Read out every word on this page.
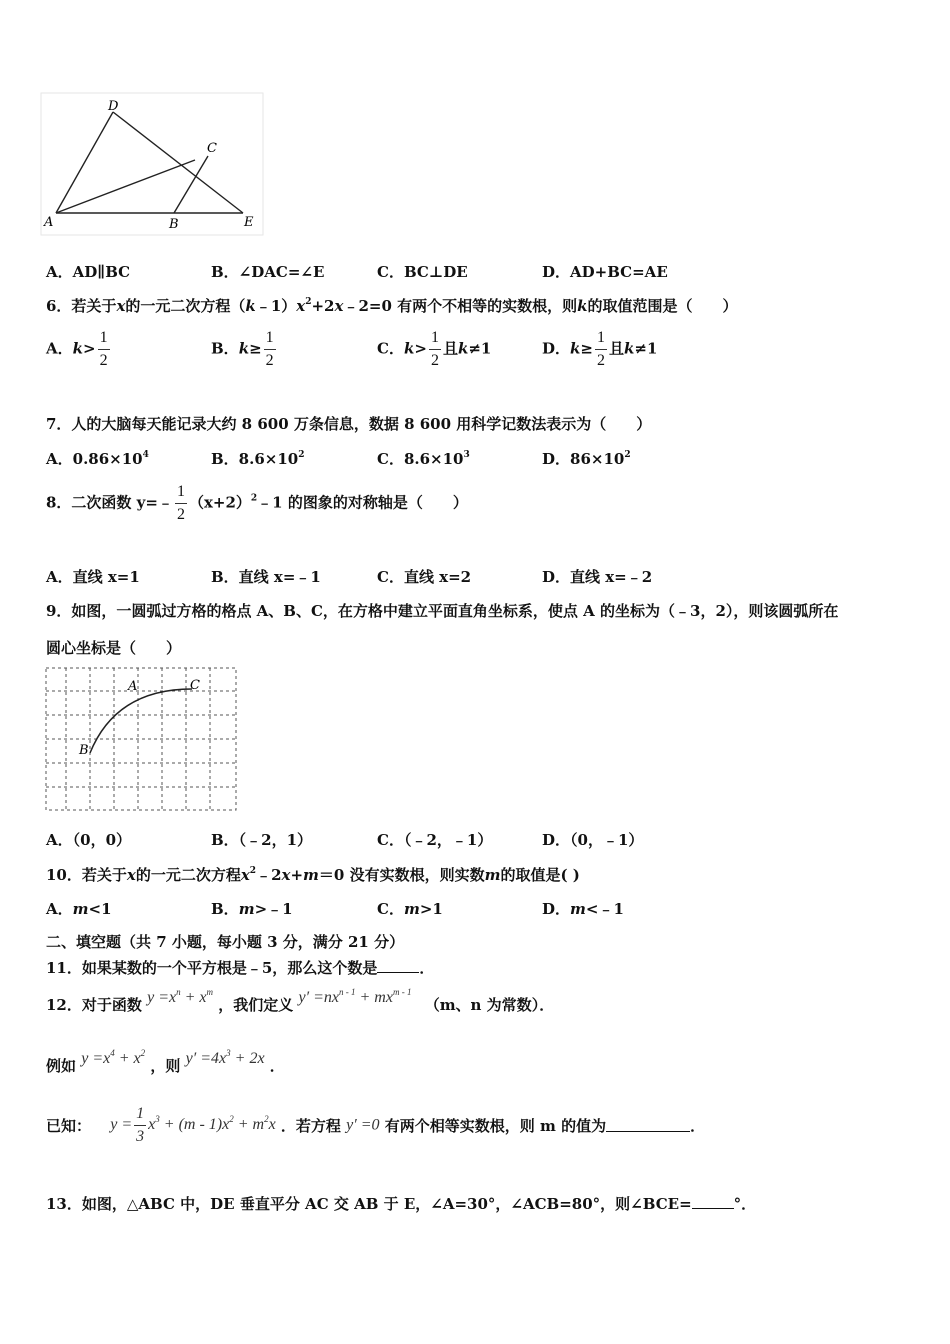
D
C
A	B	E
A．AD∥BC	B．∠DAC=∠E	C．BC⊥DE	D．AD+BC=AE
6．若关于x的一元二次方程$(k﹣1)x^2+2x﹣2=0$ 有两个不相等的实数根，则k的取值范围是（　　）
A．$k> \frac{1}{2}$	B．$k\ge \frac{1}{2}$	C．$k> \frac{1}{2}$ 且k≠1	D．$k\ge \frac{1}{2}$ 且k≠1
7．人的大脑每天能记录大约 8 600 万条信息，数据 8 600 用科学记数法表示为（　　）
A．$0.86\times 10^4$	B．$8.6\times 10^2$	C．$8.6\times 10^3$	D．$86\times 10^2$
8．二次函数 y=﹣ $\frac{1}{2}$ $(x+2)^2﹣1$ 的图象的对称轴是（　　）
A．直线 x=1	B．直线 x=﹣1	C．直线 x=2	D．直线 x=﹣2
9．如图，一圆弧过方格的格点 A、B、C，在方格中建立平面直角坐标系，使点 A 的坐标为（﹣3，2），则该圆弧所在
圆心坐标是（　　）
A	C
B
A．（0，0）	B．（﹣2，1）	C．（﹣2，﹣1）	D．（0，﹣1）
10．若关于x的一元二次方程$x^2﹣2x+m=0$ 没有实数根，则实数m的取值是( )
A．m<1	B．m>﹣1	C．m>1	D．m<﹣1
二、填空题（共 7 小题，每小题 3 分，满分 21 分）
11．如果某数的一个平方根是﹣5，那么这个数是	．
12．对于函数 $y =x^n + x^m$ ，我们定义 $y' =nx^{n - 1} + mx^{m - 1}$ （m、n 为常数）．
例如 $y =x^4 + x^2$ ，则 $y' =4x^3 + 2x$ ．
已知： $y = \frac{1}{3} x^3 + (m - 1)x^2 + m^2x$ ．若方程 y′ =0 有两个相等实数根，则 m 的值为	．
13．如图，△ABC 中，DE 垂直平分 AC 交 AB 于 E，∠A=30°，∠ACB=80°，则∠BCE=	°．
